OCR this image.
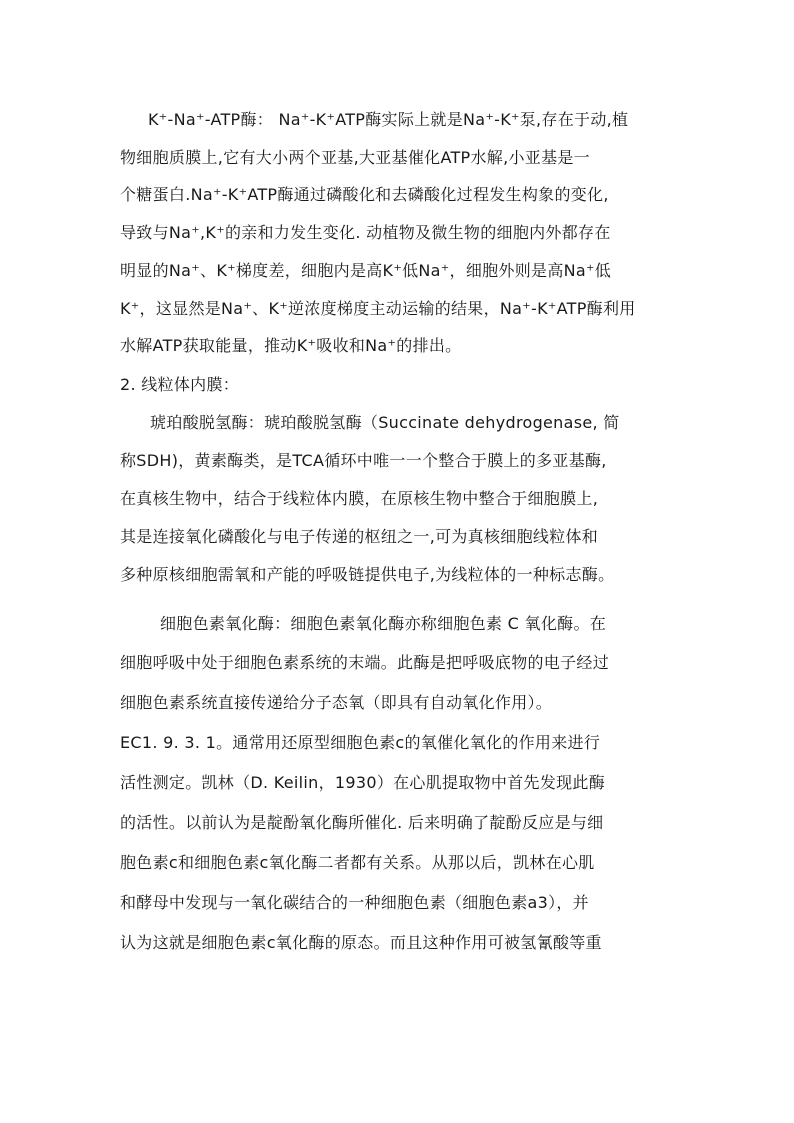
K⁺-Na⁺-ATP酶： Na⁺-K⁺ATP酶实际上就是Na⁺-K⁺泵,存在于动,植
物细胞质膜上,它有大小两个亚基,大亚基催化ATP水解,小亚基是一
个糖蛋白.Na⁺-K⁺ATP酶通过磷酸化和去磷酸化过程发生构象的变化,
导致与Na⁺,K⁺的亲和力发生变化. 动植物及微生物的细胞内外都存在
明显的Na⁺、K⁺梯度差，细胞内是高K⁺低Na⁺，细胞外则是高Na⁺低
K⁺，这显然是Na⁺、K⁺逆浓度梯度主动运输的结果，Na⁺-K⁺ATP酶利用
水解ATP获取能量，推动K⁺吸收和Na⁺的排出。
2. 线粒体内膜：
琥珀酸脱氢酶：琥珀酸脱氢酶（Succinate dehydrogenase, 简
称SDH)，黄素酶类，是TCA循环中唯一一个整合于膜上的多亚基酶,
在真核生物中，结合于线粒体内膜，在原核生物中整合于细胞膜上,
其是连接氧化磷酸化与电子传递的枢纽之一,可为真核细胞线粒体和
多种原核细胞需氧和产能的呼吸链提供电子,为线粒体的一种标志酶。
细胞色素氧化酶：细胞色素氧化酶亦称细胞色素 C 氧化酶。在
细胞呼吸中处于细胞色素系统的末端。此酶是把呼吸底物的电子经过
细胞色素系统直接传递给分子态氧（即具有自动氧化作用）。
EC1. 9. 3. 1。通常用还原型细胞色素c的氧催化氧化的作用来进行
活性测定。凯林（D. Keilin，1930）在心肌提取物中首先发现此酶
的活性。以前认为是靛酚氧化酶所催化. 后来明确了靛酚反应是与细
胞色素c和细胞色素c氧化酶二者都有关系。从那以后，凯林在心肌
和酵母中发现与一氧化碳结合的一种细胞色素（细胞色素a3），并
认为这就是细胞色素c氧化酶的原态。而且这种作用可被氢氰酸等重
